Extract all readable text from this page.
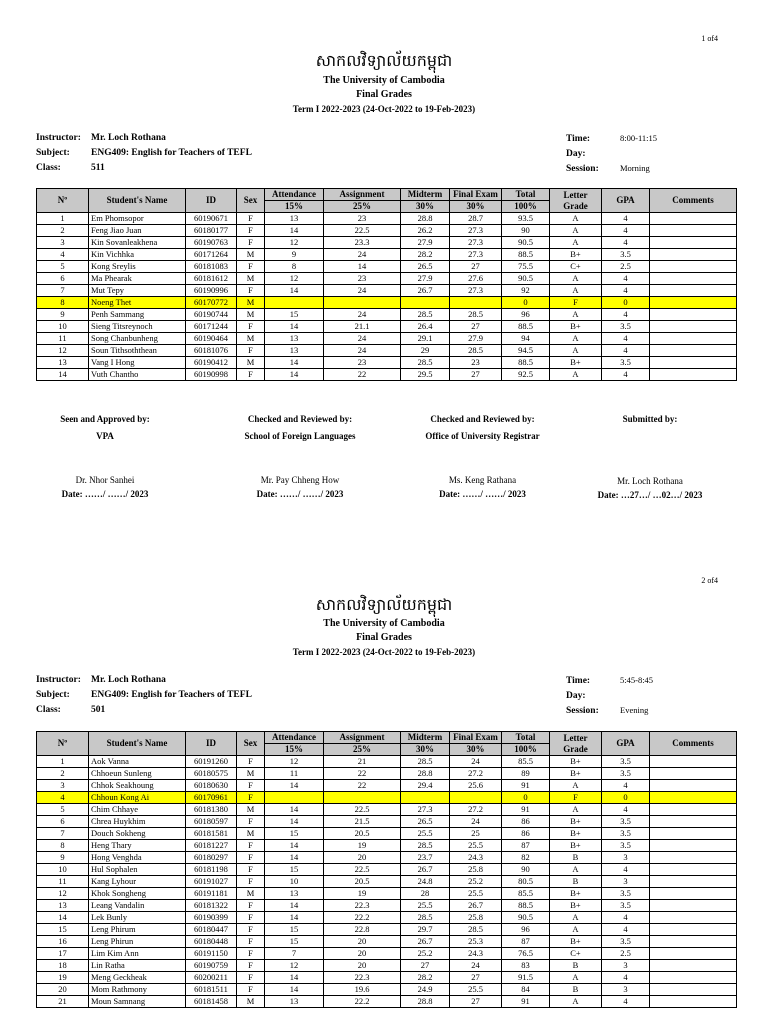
1 of4
សាកលវិទ្យាល័យកម្ពុជា
The University of Cambodia
Final Grades
Term I 2022-2023 (24-Oct-2022 to 19-Feb-2023)
Instructor: Mr. Loch Rothana
Subject: ENG409: English for Teachers of TEFL
Class:	511
Time:	8:00-11:15
Day:
Session:	Morning
Nº	Student's Name	ID	Sex	Attendance	Assignment	Midterm	Final Exam	Total	Letter Grade	GPA	Comments
				15%	25%	30%	30%	100%			
1	Em Phomsopor	60190671	F	13	23	28.8	28.7	93.5	A	4	
2	Feng Jiao Juan	60180177	F	14	22.5	26.2	27.3	90	A	4	
3	Kin Sovanleakhena	60190763	F	12	23.3	27.9	27.3	90.5	A	4	
4	Kin Vichhka	60171264	M	9	24	28.2	27.3	88.5	B+	3.5	
5	Kong Sreylis	60181083	F	8	14	26.5	27	75.5	C+	2.5	
6	Ma Phearak	60181612	M	12	23	27.9	27.6	90.5	A	4	
7	Mut Tepy	60190996	F	14	24	26.7	27.3	92	A	4	
8	Noeng Thet	60170772	M					0	F	0	
9	Penh Sammang	60190744	M	15	24	28.5	28.5	96	A	4	
10	Sieng Titsreynoch	60171244	F	14	21.1	26.4	27	88.5	B+	3.5	
11	Song Chanbunheng	60190464	M	13	24	29.1	27.9	94	A	4	
12	Soun Tithsoththean	60181076	F	13	24	29	28.5	94.5	A	4	
13	Vang I Hong	60190412	M	14	23	28.5	23	88.5	B+	3.5	
14	Vuth Chantho	60190998	F	14	22	29.5	27	92.5	A	4	
Seen and Approved by:
VPA
Dr. Nhor Sanhei
Date: ……/ ……/ 2023
Checked and Reviewed by:
School of Foreign Languages
Mr. Pay Chheng How
Date: ……/ ……/ 2023
Checked and Reviewed by:
Office of University Registrar
Ms. Keng Rathana
Date: ……/ ……/ 2023
Submitted by:
Mr. Loch Rothana
Date: …27…/ …02…/ 2023
2 of4
សាកលវិទ្យាល័យកម្ពុជា
The University of Cambodia
Final Grades
Term I 2022-2023 (24-Oct-2022 to 19-Feb-2023)
Instructor: Mr. Loch Rothana
Subject: ENG409: English for Teachers of TEFL
Class:	501
Time:	5:45-8:45
Day:
Session:	Evening
Nº	Student's Name	ID	Sex	Attendance	Assignment	Midterm	Final Exam	Total	Letter Grade	GPA	Comments
				15%	25%	30%	30%	100%			
1	Aok Vanna	60191260	F	12	21	28.5	24	85.5	B+	3.5	
2	Chhoeun Sunleng	60180575	M	11	22	28.8	27.2	89	B+	3.5	
3	Chhok Seakhoung	60180630	F	14	22	29.4	25.6	91	A	4	
4	Chhoun Kong Ai	60170961	F					0	F	0	
5	Chim Chhaye	60181380	M	14	22.5	27.3	27.2	91	A	4	
6	Chrea Huykhim	60180597	F	14	21.5	26.5	24	86	B+	3.5	
7	Douch Sokheng	60181581	M	15	20.5	25.5	25	86	B+	3.5	
8	Heng Thary	60181227	F	14	19	28.5	25.5	87	B+	3.5	
9	Hong Venghda	60180297	F	14	20	23.7	24.3	82	B	3	
10	Hul Sophalen	60181198	F	15	22.5	26.7	25.8	90	A	4	
11	Kang Lyhour	60191027	F	10	20.5	24.8	25.2	80.5	B	3	
12	Khok Songheng	60191181	M	13	19	28	25.5	85.5	B+	3.5	
13	Leang Vandalin	60181322	F	14	22.3	25.5	26.7	88.5	B+	3.5	
14	Lek Bunly	60190399	F	14	22.2	28.5	25.8	90.5	A	4	
15	Leng Phirum	60180447	F	15	22.8	29.7	28.5	96	A	4	
16	Leng Phirun	60180448	F	15	20	26.7	25.3	87	B+	3.5	
17	Lim Kim Ann	60191150	F	7	20	25.2	24.3	76.5	C+	2.5	
18	Lin Ratha	60190759	F	12	20	27	24	83	B	3	
19	Meng Geckheak	60200211	F	14	22.3	28.2	27	91.5	A	4	
20	Mom Rathmony	60181511	F	14	19.6	24.9	25.5	84	B	3	
21	Moun Samnang	60181458	M	13	22.2	28.8	27	91	A	4	
